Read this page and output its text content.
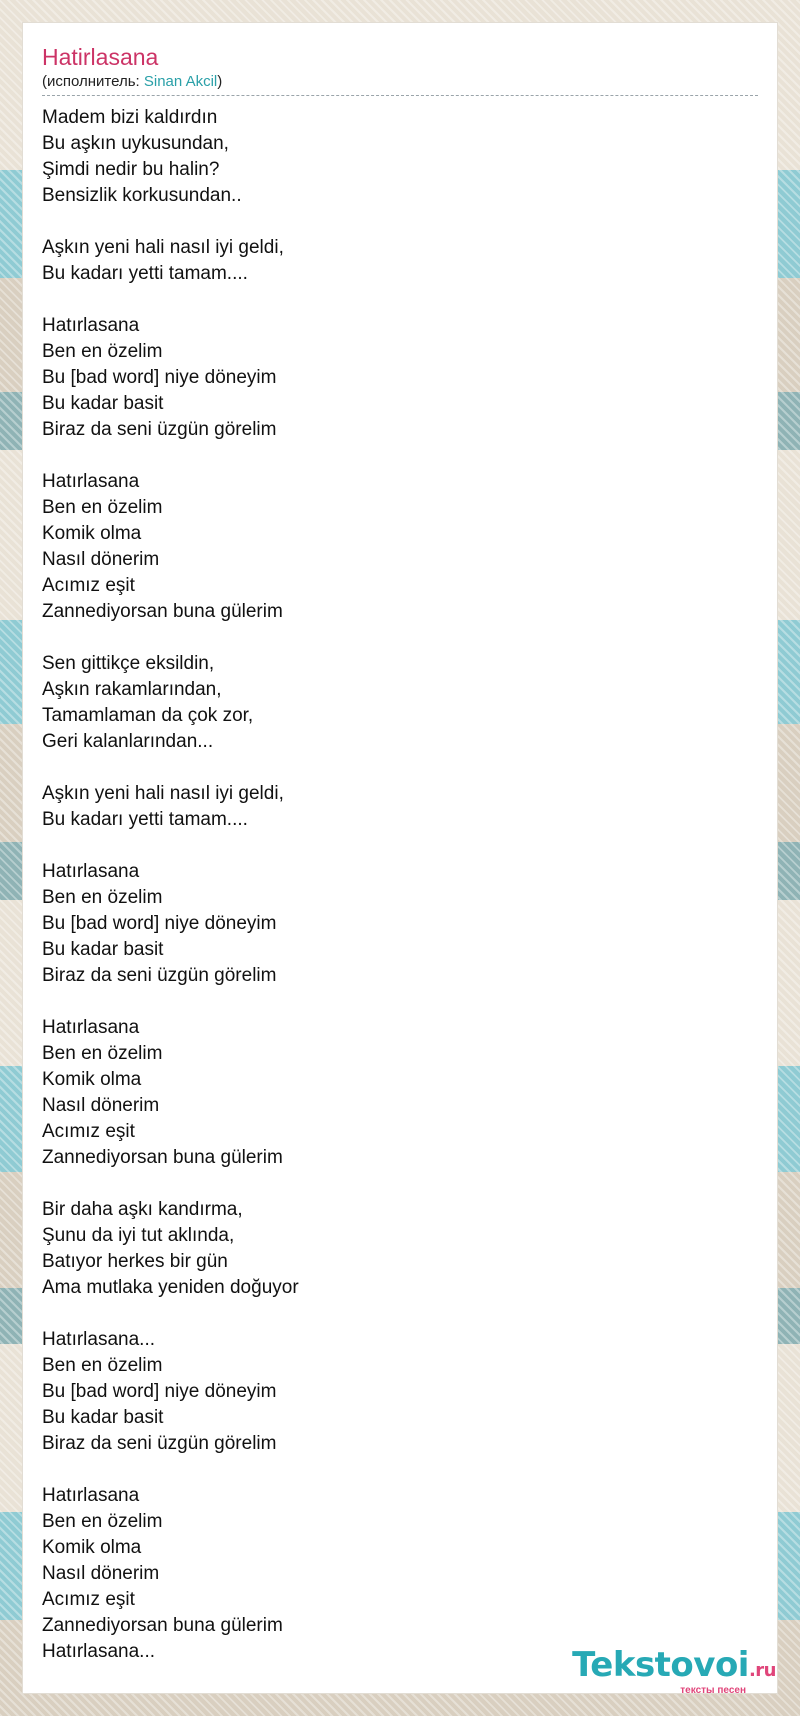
Hatirlasana
(исполнитель: Sinan Akcil)
Madem bizi kaldırdın
Bu aşkın uykusundan,
Şimdi nedir bu halin?
Bensizlik korkusundan..
Aşkın yeni hali nasıl iyi geldi,
Bu kadarı yetti tamam....
Hatırlasana
Ben en özelim
Bu [bad word] niye döneyim
Bu kadar basit
Biraz da seni üzgün görelim
Hatırlasana
Ben en özelim
Komik olma
Nasıl dönerim
Acımız eşit
Zannediyorsan buna gülerim
Sen gittikçe eksildin,
Aşkın rakamlarından,
Tamamlaman da çok zor,
Geri kalanlarından...
Aşkın yeni hali nasıl iyi geldi,
Bu kadarı yetti tamam....
Hatırlasana
Ben en özelim
Bu [bad word] niye döneyim
Bu kadar basit
Biraz da seni üzgün görelim
Hatırlasana
Ben en özelim
Komik olma
Nasıl dönerim
Acımız eşit
Zannediyorsan buna gülerim
Bir daha aşkı kandırma,
Şunu da iyi tut aklında,
Batıyor herkes bir gün
Ama mutlaka yeniden doğuyor
Hatırlasana...
Ben en özelim
Bu [bad word] niye döneyim
Bu kadar basit
Biraz da seni üzgün görelim
Hatırlasana
Ben en özelim
Komik olma
Nasıl dönerim
Acımız eşit
Zannediyorsan buna gülerim
Hatırlasana...	Tekstovoi.ru
тексты песен
